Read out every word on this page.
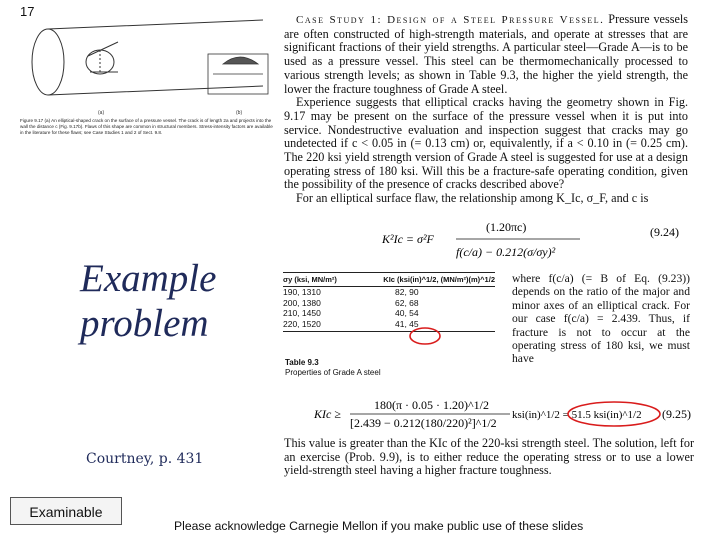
17
(a)	(b)
Figure 9.17 (a) An elliptical-shaped crack on the surface of a pressure vessel. The crack is of length 2a and projects into the wall the distance c (Fig. 9.17b). Flaws of this shape are common in structural members. Stress-intensity factors are available in the literature for these flaws; see Case Studies 1 and 2 of Sect. 9.8.

Case Study 1: Design of a Steel Pressure Vessel. Pressure vessels are often constructed of high-strength materials, and operate at stresses that are significant fractions of their yield strengths. A particular steel—Grade A—is to be used as a pressure vessel. This steel can be thermomechanically processed to various strength levels; as shown in Table 9.3, the higher the yield strength, the lower the fracture toughness of Grade A steel.

Experience suggests that elliptical cracks having the geometry shown in Fig. 9.17 may be present on the surface of the pressure vessel when it is put into service. Nondestructive evaluation and inspection suggest that cracks may go undetected if c < 0.05 in (= 0.13 cm) or, equivalently, if a < 0.10 in (= 0.25 cm). The 220 ksi yield strength version of Grade A steel is suggested for use at a design operating stress of 180 ksi. Will this be a fracture-safe operating condition, given the possibility of the presence of cracks described above?

For an elliptical surface flaw, the relationship among K_Ic, σ_F, and c is

K²Ic = σ²F
(1.20πc)
f(c/a) − 0.212(σ/σy)²
(9.24)
Example
problem
σy (ksi, MN/m²)	KIc (ksi(in)^1/2, (MN/m²)(m)^1/2
190, 1310	82, 90
200, 1380	62, 68
210, 1450	40, 54
220, 1520	41, 45
Table 9.3
Properties of Grade A steel
where f(c/a) (= B of Eq. (9.23)) depends on the ratio of the major and minor axes of an elliptical crack. For our case f(c/a) = 2.439. Thus, if fracture is not to occur at the operating stress of 180 ksi, we must have
KIc ≥
180(π · 0.05 · 1.20)^1/2
[2.439 − 0.212(180/220)²]^1/2
ksi(in)^1/2 = 51.5 ksi(in)^1/2 (9.25)
This value is greater than the KIc of the 220-ksi strength steel. The solution, left for an exercise (Prob. 9.9), is to either reduce the operating stress or to use a lower yield-strength steel having a higher fracture toughness.
Courtney, p. 431
Examinable
Please acknowledge Carnegie Mellon if you make public use of these slides
